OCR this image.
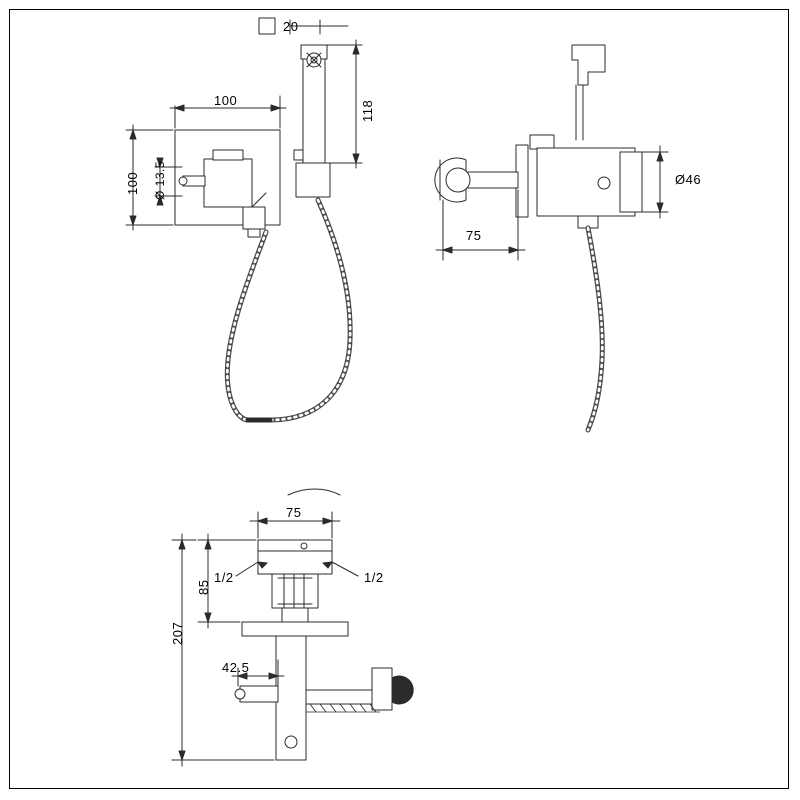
20
100	118
100 Ø 13.5
75
Ø46
75
85
207
42.5
1/2	1/2
